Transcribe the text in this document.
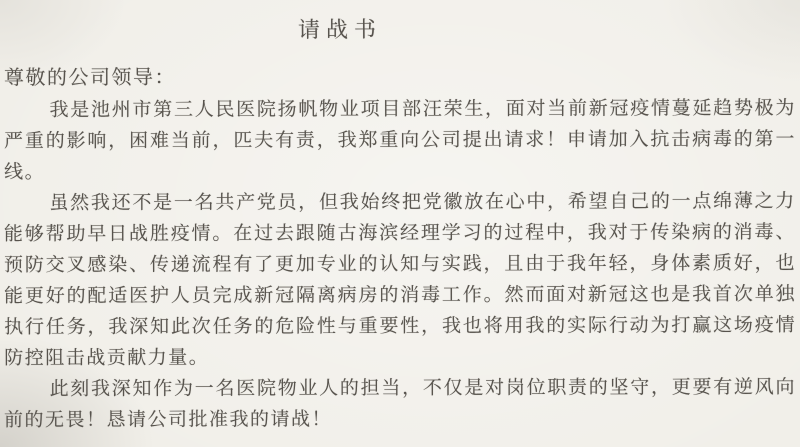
请战书

尊敬的公司领导：

我是池州市第三人民医院扬帆物业项目部汪荣生，面对当前新冠疫情蔓延趋势极为严重的影响，困难当前，匹夫有责，我郑重向公司提出请求！申请加入抗击病毒的第一线。

虽然我还不是一名共产党员，但我始终把党徽放在心中，希望自己的一点绵薄之力能够帮助早日战胜疫情。在过去跟随古海滨经理学习的过程中，我对于传染病的消毒、预防交叉感染、传递流程有了更加专业的认知与实践，且由于我年轻，身体素质好，也能更好的配适医护人员完成新冠隔离病房的消毒工作。然而面对新冠这也是我首次单独执行任务，我深知此次任务的危险性与重要性，我也将用我的实际行动为打赢这场疫情防控阻击战贡献力量。

此刻我深知作为一名医院物业人的担当，不仅是对岗位职责的坚守，更要有逆风向前的无畏！恳请公司批准我的请战！
